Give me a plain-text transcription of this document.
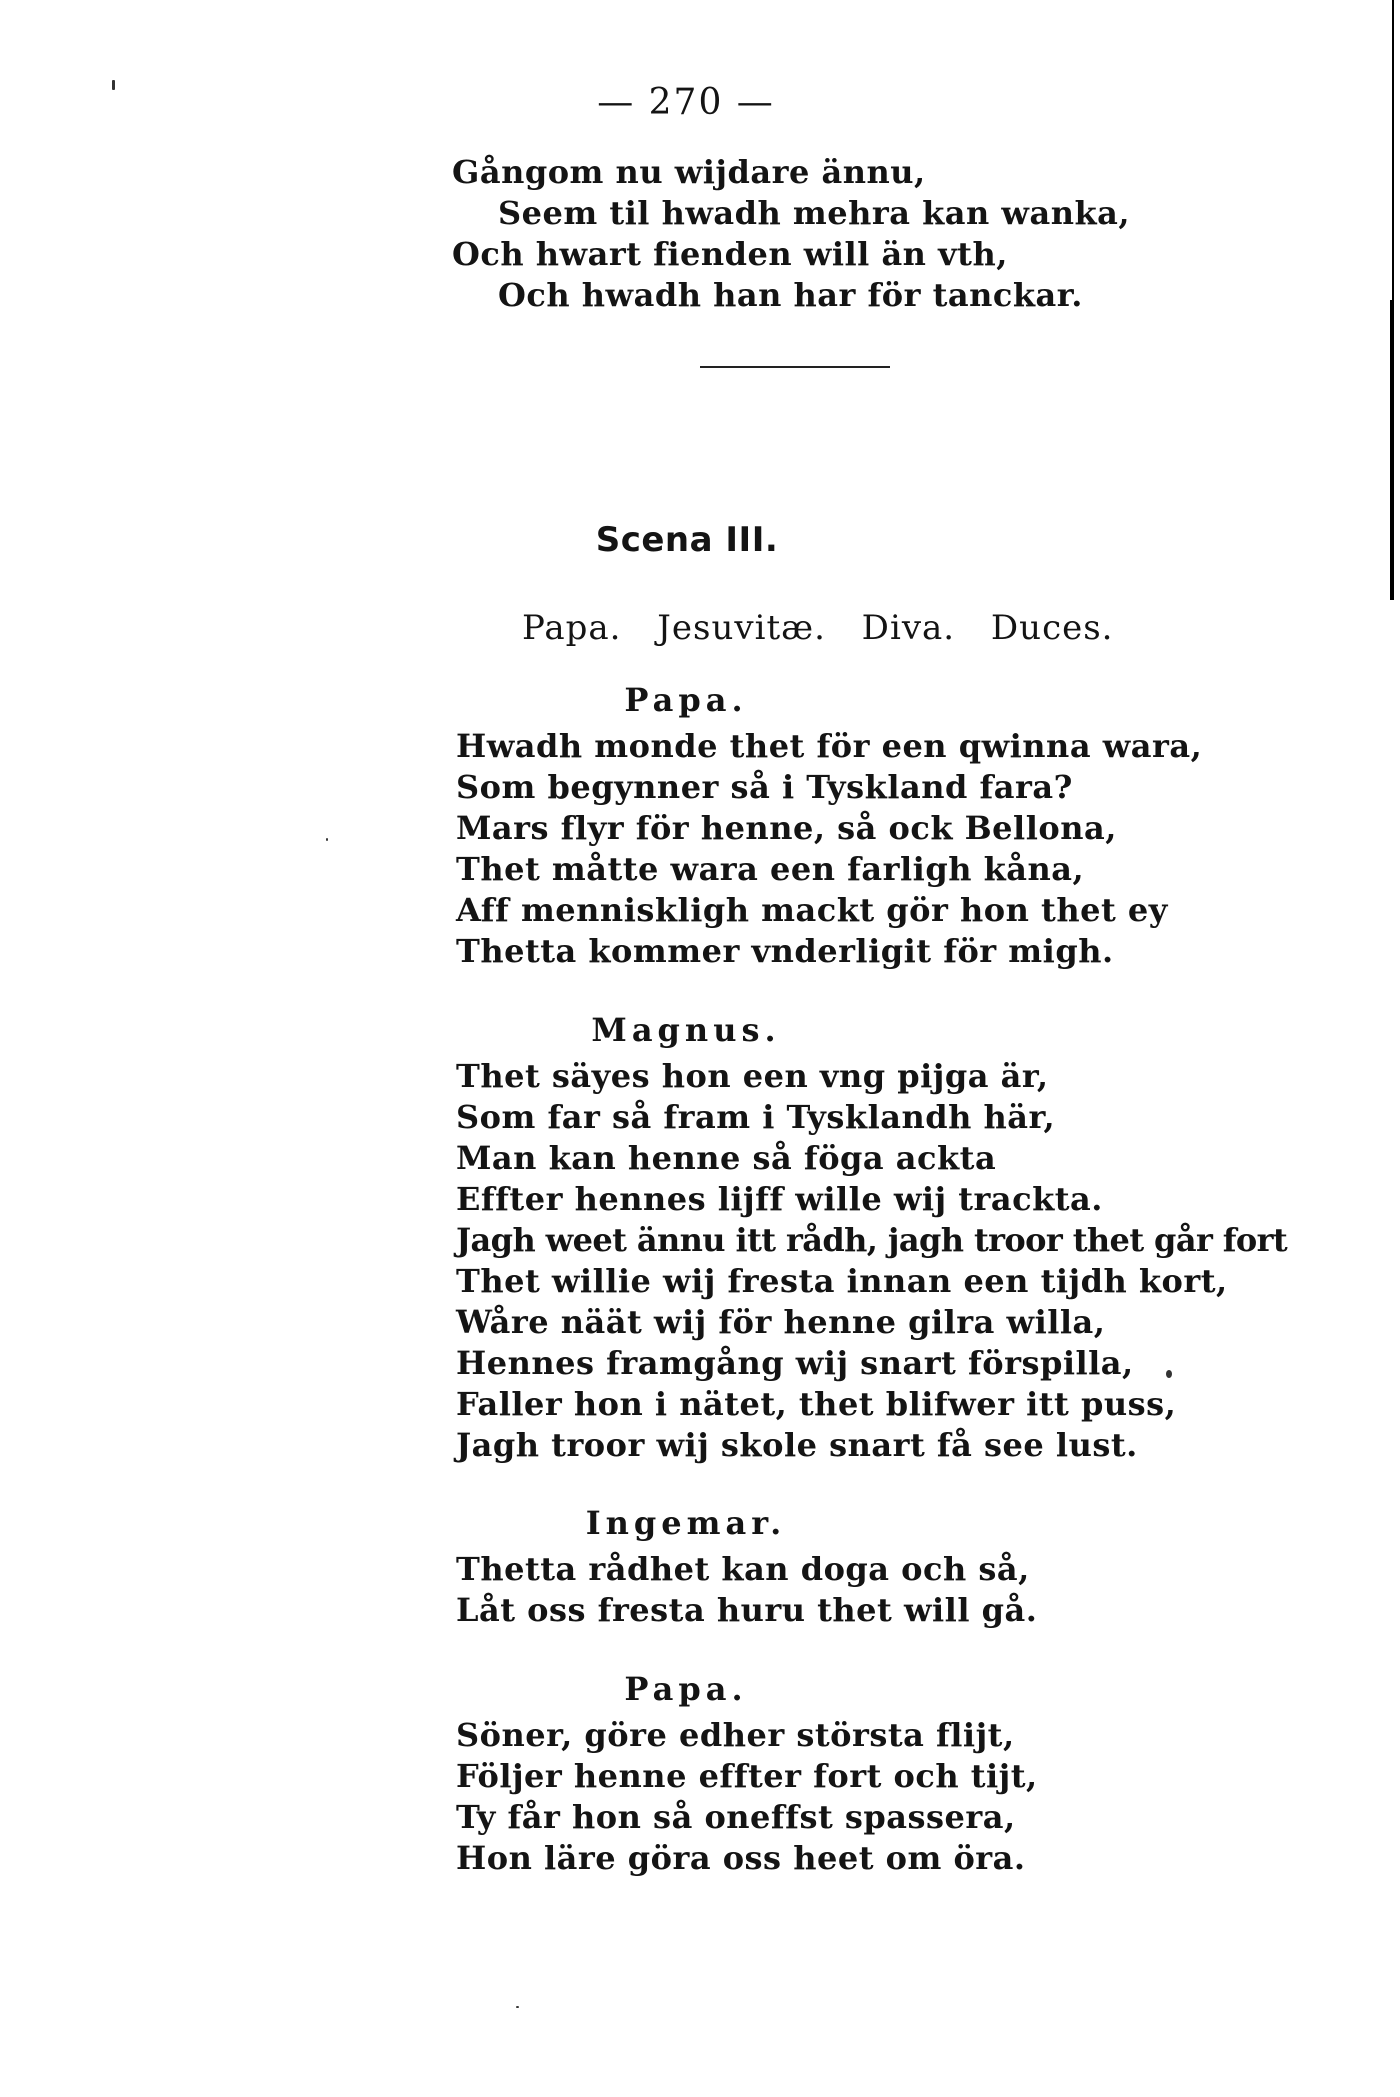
— 270 —
Gångom nu wijdare ännu,
Seem til hwadh mehra kan wanka,
Och hwart fienden will än vth,
Och hwadh han har för tanckar.
Scena III.
Papa. Jesuvitæ. Diva. Duces.
Papa.
Hwadh monde thet för een qwinna wara,
Som begynner så i Tyskland fara?
Mars flyr för henne, så ock Bellona,
Thet måtte wara een farligh kåna,
Aff menniskligh mackt gör hon thet ey
Thetta kommer vnderligit för migh.
Magnus.
Thet säyes hon een vng pijga är,
Som far så fram i Tysklandh här,
Man kan henne så föga ackta
Effter hennes lijff wille wij trackta.
Jagh weet ännu itt rådh, jagh troor thet går fort
Thet willie wij fresta innan een tijdh kort,
Wåre näät wij för henne gilra willa,
Hennes framgång wij snart förspilla,
Faller hon i nätet, thet blifwer itt puss,
Jagh troor wij skole snart få see lust.
Ingemar.
Thetta rådhet kan doga och så,
Låt oss fresta huru thet will gå.
Papa.
Söner, göre edher största flijt,
Följer henne effter fort och tijt,
Ty får hon så oneffst spassera,
Hon läre göra oss heet om öra.
